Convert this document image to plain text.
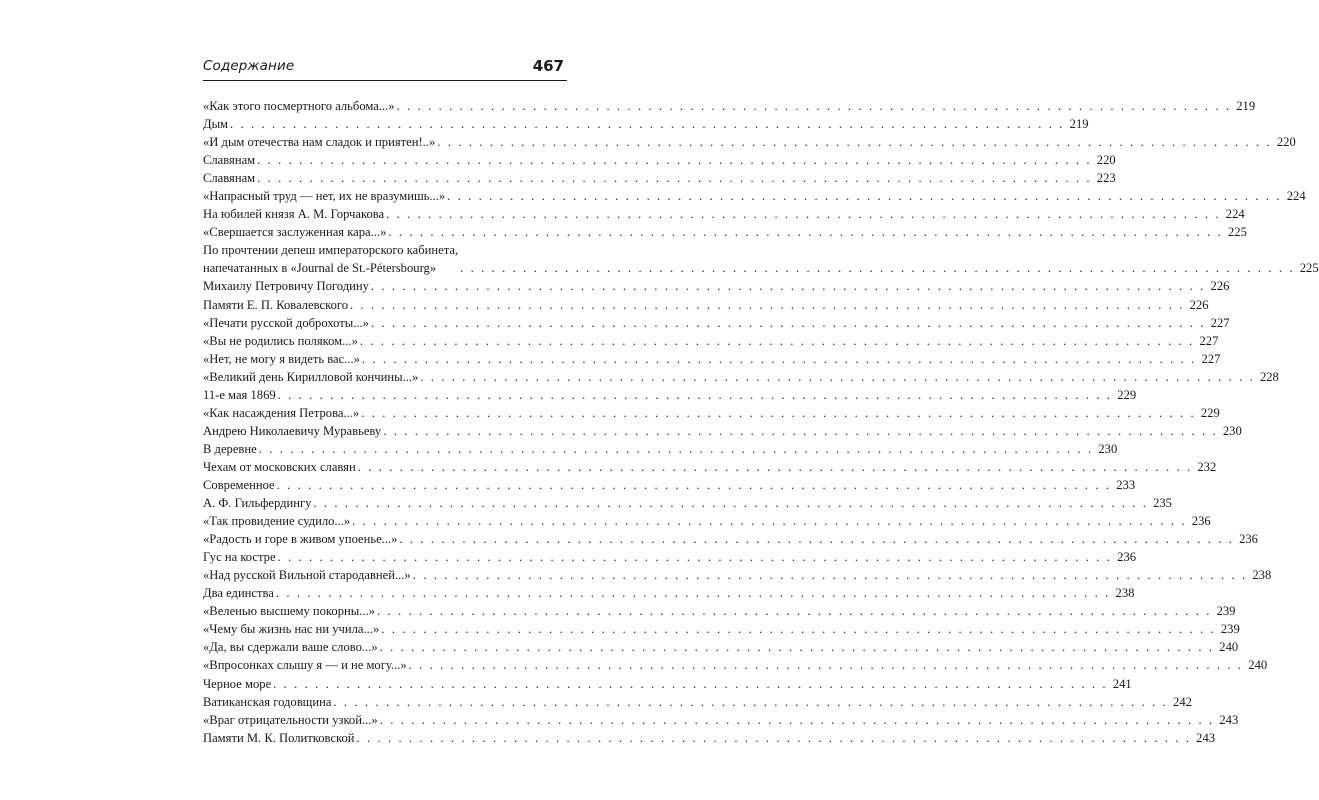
Содержание	467
«Как этого посмертного альбома...» . . . . . . . . . . . . . . . . . . . . . . . . . . . . . . . . . . . . . . . . . . . . . . . . . . . . . . . . . . . . . . . . . . . . . . . . . . . . . . . . 219
Дым . . . . . . . . . . . . . . . . . . . . . . . . . . . . . . . . . . . . . . . . . . . . . . . . . . . . . . . . . . . . . . . . . . . . . . . . . . . . . . . . 219
«И дым отечества нам сладок и приятен!..» . . . . . . . . . . . . . . . . . . . . . . . . . . . . . . . . . . . . . . . . . . . . . . . . . . . . . . . . . . . . . . . . . . . . . . . . . . . . . . . . 220
Славянам . . . . . . . . . . . . . . . . . . . . . . . . . . . . . . . . . . . . . . . . . . . . . . . . . . . . . . . . . . . . . . . . . . . . . . . . . . . . . . . . 220
Славянам . . . . . . . . . . . . . . . . . . . . . . . . . . . . . . . . . . . . . . . . . . . . . . . . . . . . . . . . . . . . . . . . . . . . . . . . . . . . . . . . 223
«Напрасный труд — нет, их не вразумишь...» . . . . . . . . . . . . . . . . . . . . . . . . . . . . . . . . . . . . . . . . . . . . . . . . . . . . . . . . . . . . . . . . . . . . . . . . . . . . . . . . 224
На юбилей князя А. М. Горчакова . . . . . . . . . . . . . . . . . . . . . . . . . . . . . . . . . . . . . . . . . . . . . . . . . . . . . . . . . . . . . . . . . . . . . . . . . . . . . . . . 224
«Свершается заслуженная кара...» . . . . . . . . . . . . . . . . . . . . . . . . . . . . . . . . . . . . . . . . . . . . . . . . . . . . . . . . . . . . . . . . . . . . . . . . . . . . . . . . 225
По прочтении депеш императорского кабинета,
напечатанных в «Journal de St.-Pétersbourg»	. . . . . . . . . . . . . . . . . . . . . . . . . . . . . . . . . . . . . . . . . . . . . . . . . . . . . . . . . . . . . . . . . . . . . . . . . . . . . . . . 225
Михаилу Петровичу Погодину . . . . . . . . . . . . . . . . . . . . . . . . . . . . . . . . . . . . . . . . . . . . . . . . . . . . . . . . . . . . . . . . . . . . . . . . . . . . . . . . 226
Памяти Е. П. Ковалевского . . . . . . . . . . . . . . . . . . . . . . . . . . . . . . . . . . . . . . . . . . . . . . . . . . . . . . . . . . . . . . . . . . . . . . . . . . . . . . . . 226
«Печати русской доброхоты...» . . . . . . . . . . . . . . . . . . . . . . . . . . . . . . . . . . . . . . . . . . . . . . . . . . . . . . . . . . . . . . . . . . . . . . . . . . . . . . . . 227
«Вы не родились поляком...» . . . . . . . . . . . . . . . . . . . . . . . . . . . . . . . . . . . . . . . . . . . . . . . . . . . . . . . . . . . . . . . . . . . . . . . . . . . . . . . . 227
«Нет, не могу я видеть вас...» . . . . . . . . . . . . . . . . . . . . . . . . . . . . . . . . . . . . . . . . . . . . . . . . . . . . . . . . . . . . . . . . . . . . . . . . . . . . . . . . 227
«Великий день Кирилловой кончины...» . . . . . . . . . . . . . . . . . . . . . . . . . . . . . . . . . . . . . . . . . . . . . . . . . . . . . . . . . . . . . . . . . . . . . . . . . . . . . . . . 228
11-е мая 1869 . . . . . . . . . . . . . . . . . . . . . . . . . . . . . . . . . . . . . . . . . . . . . . . . . . . . . . . . . . . . . . . . . . . . . . . . . . . . . . . . 229
«Как насаждения Петрова...» . . . . . . . . . . . . . . . . . . . . . . . . . . . . . . . . . . . . . . . . . . . . . . . . . . . . . . . . . . . . . . . . . . . . . . . . . . . . . . . . 229
Андрею Николаевичу Муравьеву . . . . . . . . . . . . . . . . . . . . . . . . . . . . . . . . . . . . . . . . . . . . . . . . . . . . . . . . . . . . . . . . . . . . . . . . . . . . . . . . 230
В деревне . . . . . . . . . . . . . . . . . . . . . . . . . . . . . . . . . . . . . . . . . . . . . . . . . . . . . . . . . . . . . . . . . . . . . . . . . . . . . . . . 230
Чехам от московских славян . . . . . . . . . . . . . . . . . . . . . . . . . . . . . . . . . . . . . . . . . . . . . . . . . . . . . . . . . . . . . . . . . . . . . . . . . . . . . . . . 232
Современное . . . . . . . . . . . . . . . . . . . . . . . . . . . . . . . . . . . . . . . . . . . . . . . . . . . . . . . . . . . . . . . . . . . . . . . . . . . . . . . . 233
А. Ф. Гильфердингу . . . . . . . . . . . . . . . . . . . . . . . . . . . . . . . . . . . . . . . . . . . . . . . . . . . . . . . . . . . . . . . . . . . . . . . . . . . . . . . . 235
«Так провидение судило...» . . . . . . . . . . . . . . . . . . . . . . . . . . . . . . . . . . . . . . . . . . . . . . . . . . . . . . . . . . . . . . . . . . . . . . . . . . . . . . . . 236
«Радость и горе в живом упоенье...» . . . . . . . . . . . . . . . . . . . . . . . . . . . . . . . . . . . . . . . . . . . . . . . . . . . . . . . . . . . . . . . . . . . . . . . . . . . . . . . . 236
Гус на костре . . . . . . . . . . . . . . . . . . . . . . . . . . . . . . . . . . . . . . . . . . . . . . . . . . . . . . . . . . . . . . . . . . . . . . . . . . . . . . . . 236
«Над русской Вильной стародавней...» . . . . . . . . . . . . . . . . . . . . . . . . . . . . . . . . . . . . . . . . . . . . . . . . . . . . . . . . . . . . . . . . . . . . . . . . . . . . . . . . 238
Два единства . . . . . . . . . . . . . . . . . . . . . . . . . . . . . . . . . . . . . . . . . . . . . . . . . . . . . . . . . . . . . . . . . . . . . . . . . . . . . . . . 238
«Веленью высшему покорны...» . . . . . . . . . . . . . . . . . . . . . . . . . . . . . . . . . . . . . . . . . . . . . . . . . . . . . . . . . . . . . . . . . . . . . . . . . . . . . . . . 239
«Чему бы жизнь нас ни учила...» . . . . . . . . . . . . . . . . . . . . . . . . . . . . . . . . . . . . . . . . . . . . . . . . . . . . . . . . . . . . . . . . . . . . . . . . . . . . . . . . 239
«Да, вы сдержали ваше слово...» . . . . . . . . . . . . . . . . . . . . . . . . . . . . . . . . . . . . . . . . . . . . . . . . . . . . . . . . . . . . . . . . . . . . . . . . . . . . . . . . 240
«Впросонках слышу я — и не могу...» . . . . . . . . . . . . . . . . . . . . . . . . . . . . . . . . . . . . . . . . . . . . . . . . . . . . . . . . . . . . . . . . . . . . . . . . . . . . . . . . 240
Черное море . . . . . . . . . . . . . . . . . . . . . . . . . . . . . . . . . . . . . . . . . . . . . . . . . . . . . . . . . . . . . . . . . . . . . . . . . . . . . . . . 241
Ватиканская годовщина . . . . . . . . . . . . . . . . . . . . . . . . . . . . . . . . . . . . . . . . . . . . . . . . . . . . . . . . . . . . . . . . . . . . . . . . . . . . . . . . 242
«Враг отрицательности узкой...» . . . . . . . . . . . . . . . . . . . . . . . . . . . . . . . . . . . . . . . . . . . . . . . . . . . . . . . . . . . . . . . . . . . . . . . . . . . . . . . . 243
Памяти М. К. Политковской . . . . . . . . . . . . . . . . . . . . . . . . . . . . . . . . . . . . . . . . . . . . . . . . . . . . . . . . . . . . . . . . . . . . . . . . . . . . . . . . 243
